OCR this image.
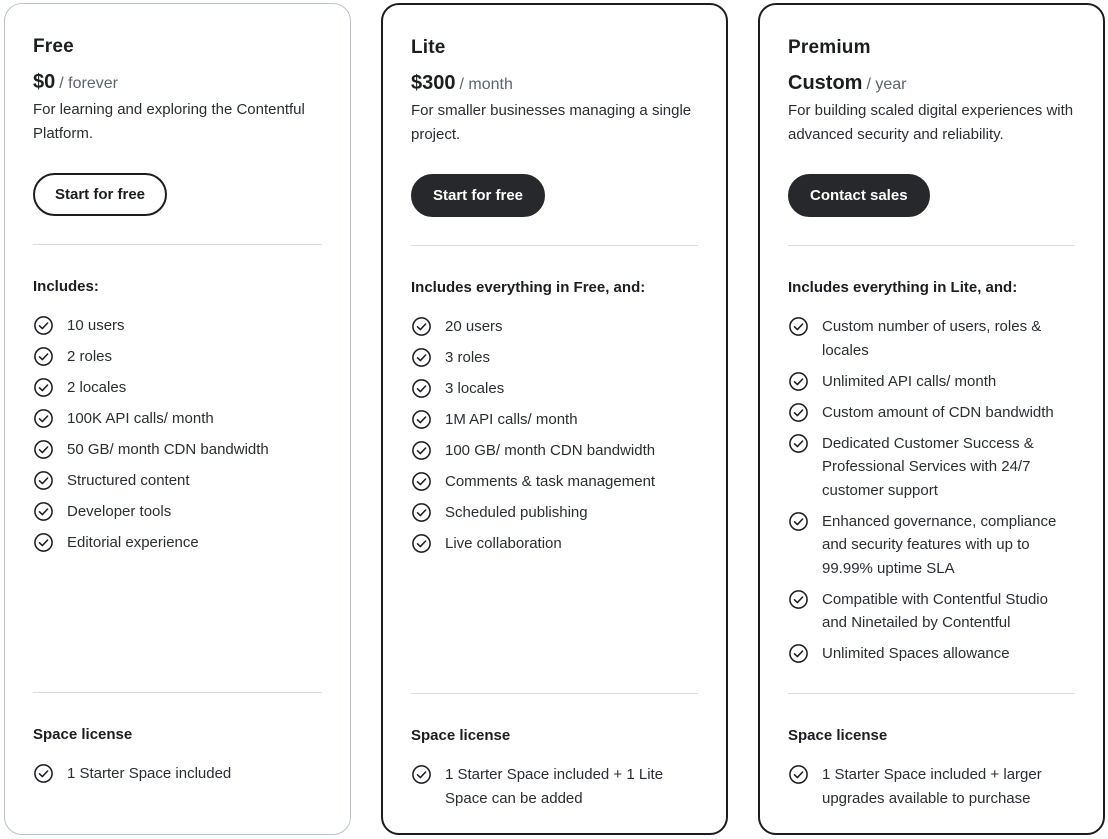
Free
$0 / forever
For learning and exploring the Contentful Platform.
Start for free
Includes:
10 users
2 roles
2 locales
100K API calls/ month
50 GB/ month CDN bandwidth
Structured content
Developer tools
Editorial experience
Space license
1 Starter Space included
Lite
$300 / month
For smaller businesses managing a single project.
Start for free
Includes everything in Free, and:
20 users
3 roles
3 locales
1M API calls/ month
100 GB/ month CDN bandwidth
Comments & task management
Scheduled publishing
Live collaboration
Space license
1 Starter Space included + 1 Lite Space can be added
Premium
Custom / year
For building scaled digital experiences with advanced security and reliability.
Contact sales
Includes everything in Lite, and:
Custom number of users, roles & locales
Unlimited API calls/ month
Custom amount of CDN bandwidth
Dedicated Customer Success & Professional Services with 24/7 customer support
Enhanced governance, compliance and security features with up to 99.99% uptime SLA
Compatible with Contentful Studio and Ninetailed by Contentful
Unlimited Spaces allowance
Space license
1 Starter Space included + larger upgrades available to purchase
